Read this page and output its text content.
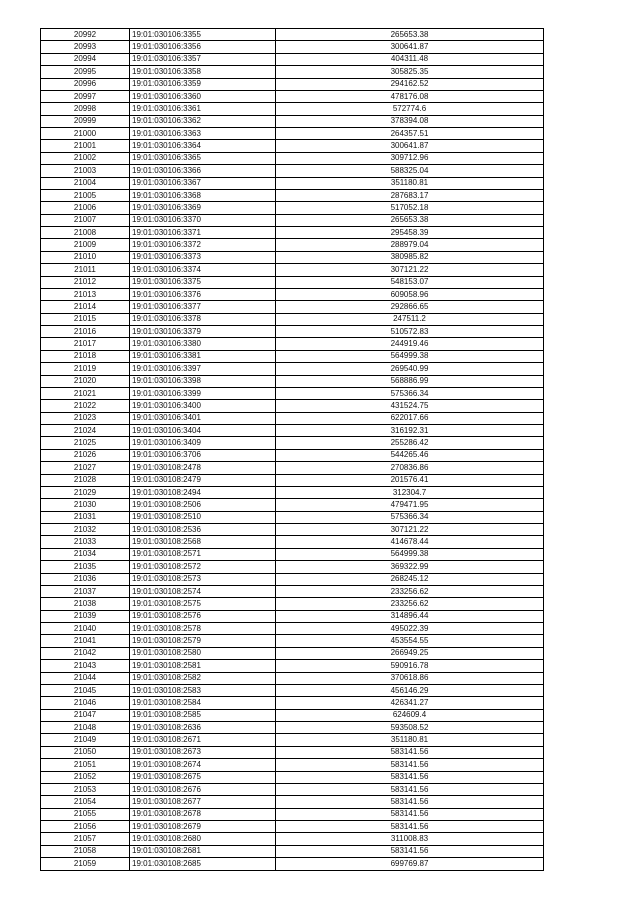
20992	19:01:030106:3355	265653.38
20993	19:01:030106:3356	300641.87
20994	19:01:030106:3357	404311.48
20995	19:01:030106:3358	305825.35
20996	19:01:030106:3359	294162.52
20997	19:01:030106:3360	478176.08
20998	19:01:030106:3361	572774.6
20999	19:01:030106:3362	378394.08
21000	19:01:030106:3363	264357.51
21001	19:01:030106:3364	300641.87
21002	19:01:030106:3365	309712.96
21003	19:01:030106:3366	588325.04
21004	19:01:030106:3367	351180.81
21005	19:01:030106:3368	287683.17
21006	19:01:030106:3369	517052.18
21007	19:01:030106:3370	265653.38
21008	19:01:030106:3371	295458.39
21009	19:01:030106:3372	288979.04
21010	19:01:030106:3373	380985.82
21011	19:01:030106:3374	307121.22
21012	19:01:030106:3375	548153.07
21013	19:01:030106:3376	609058.96
21014	19:01:030106:3377	292866.65
21015	19:01:030106:3378	247511.2
21016	19:01:030106:3379	510572.83
21017	19:01:030106:3380	244919.46
21018	19:01:030106:3381	564999.38
21019	19:01:030106:3397	269540.99
21020	19:01:030106:3398	568886.99
21021	19:01:030106:3399	575366.34
21022	19:01:030106:3400	431524.75
21023	19:01:030106:3401	622017.66
21024	19:01:030106:3404	316192.31
21025	19:01:030106:3409	255286.42
21026	19:01:030106:3706	544265.46
21027	19:01:030108:2478	270836.86
21028	19:01:030108:2479	201576.41
21029	19:01:030108:2494	312304.7
21030	19:01:030108:2506	479471.95
21031	19:01:030108:2510	575366.34
21032	19:01:030108:2536	307121.22
21033	19:01:030108:2568	414678.44
21034	19:01:030108:2571	564999.38
21035	19:01:030108:2572	369322.99
21036	19:01:030108:2573	268245.12
21037	19:01:030108:2574	233256.62
21038	19:01:030108:2575	233256.62
21039	19:01:030108:2576	314896.44
21040	19:01:030108:2578	495022.39
21041	19:01:030108:2579	453554.55
21042	19:01:030108:2580	266949.25
21043	19:01:030108:2581	590916.78
21044	19:01:030108:2582	370618.86
21045	19:01:030108:2583	456146.29
21046	19:01:030108:2584	426341.27
21047	19:01:030108:2585	624609.4
21048	19:01:030108:2636	593508.52
21049	19:01:030108:2671	351180.81
21050	19:01:030108:2673	583141.56
21051	19:01:030108:2674	583141.56
21052	19:01:030108:2675	583141.56
21053	19:01:030108:2676	583141.56
21054	19:01:030108:2677	583141.56
21055	19:01:030108:2678	583141.56
21056	19:01:030108:2679	583141.56
21057	19:01:030108:2680	311008.83
21058	19:01:030108:2681	583141.56
21059	19:01:030108:2685	699769.87
